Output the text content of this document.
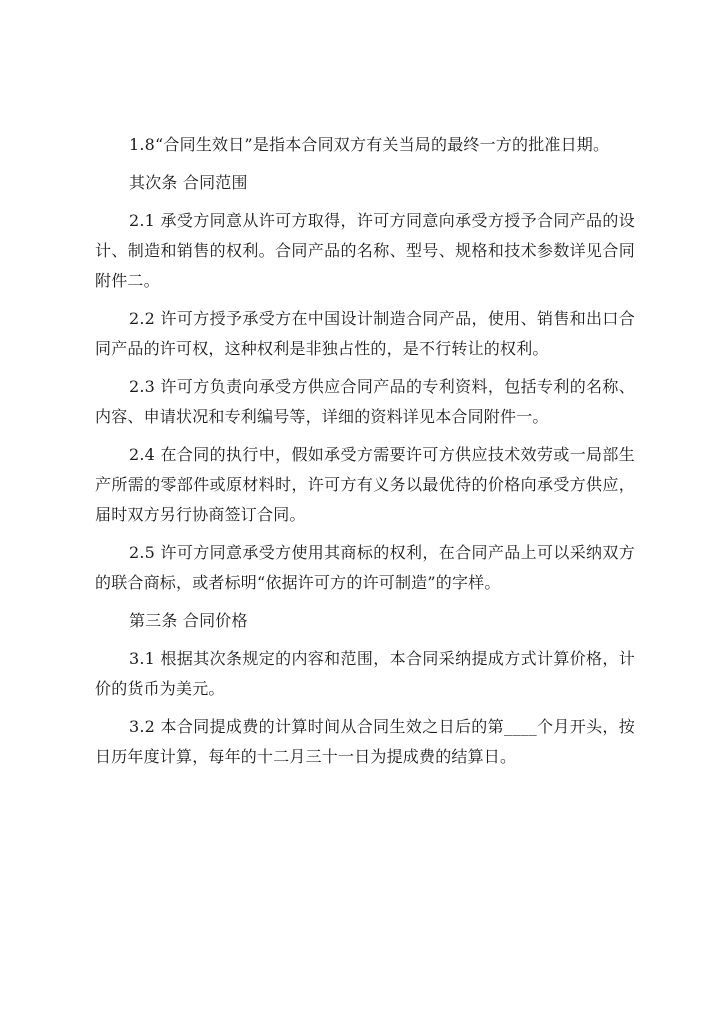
1.8“合同生效日”是指本合同双方有关当局的最终一方的批准日期。

其次条 合同范围

2.1 承受方同意从许可方取得，许可方同意向承受方授予合同产品的设计、制造和销售的权利。合同产品的名称、型号、规格和技术参数详见合同附件二。

2.2 许可方授予承受方在中国设计制造合同产品，使用、销售和出口合同产品的许可权，这种权利是非独占性的，是不行转让的权利。

2.3 许可方负责向承受方供应合同产品的专利资料，包括专利的名称、内容、申请状况和专利编号等，详细的资料详见本合同附件一。

2.4 在合同的执行中，假如承受方需要许可方供应技术效劳或一局部生产所需的零部件或原材料时，许可方有义务以最优待的价格向承受方供应，届时双方另行协商签订合同。

2.5 许可方同意承受方使用其商标的权利，在合同产品上可以采纳双方的联合商标，或者标明“依据许可方的许可制造”的字样。

第三条 合同价格

3.1 根据其次条规定的内容和范围，本合同采纳提成方式计算价格，计价的货币为美元。

3.2 本合同提成费的计算时间从合同生效之日后的第____个月开头，按日历年度计算，每年的十二月三十一日为提成费的结算日。
